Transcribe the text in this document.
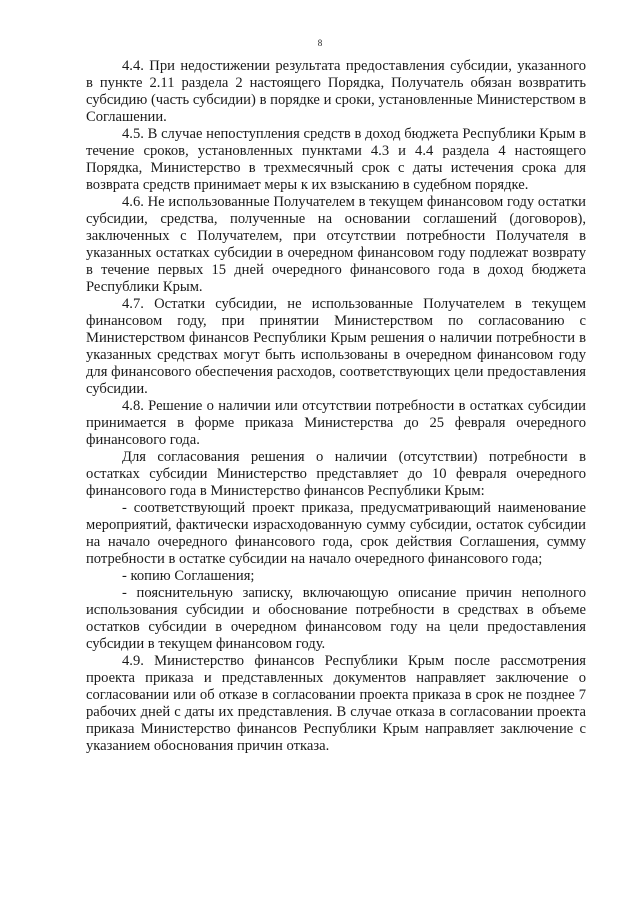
8

4.4. При недостижении результата предоставления субсидии, указанного в пункте 2.11 раздела 2 настоящего Порядка, Получатель обязан возвратить субсидию (часть субсидии) в порядке и сроки, установленные Министерством в Соглашении.

4.5. В случае непоступления средств в доход бюджета Республики Крым в течение сроков, установленных пунктами 4.3 и 4.4 раздела 4 настоящего Порядка, Министерство в трехмесячный срок с даты истечения срока для возврата средств принимает меры к их взысканию в судебном порядке.

4.6. Не использованные Получателем в текущем финансовом году остатки субсидии, средства, полученные на основании соглашений (договоров), заключенных с Получателем, при отсутствии потребности Получателя в указанных остатках субсидии в очередном финансовом году подлежат возврату в течение первых 15 дней очередного финансового года в доход бюджета Республики Крым.

4.7. Остатки субсидии, не использованные Получателем в текущем финансовом году, при принятии Министерством по согласованию с Министерством финансов Республики Крым решения о наличии потребности в указанных средствах могут быть использованы в очередном финансовом году для финансового обеспечения расходов, соответствующих цели предоставления субсидии.

4.8. Решение о наличии или отсутствии потребности в остатках субсидии принимается в форме приказа Министерства до 25 февраля очередного финансового года.

Для согласования решения о наличии (отсутствии) потребности в остатках субсидии Министерство представляет до 10 февраля очередного финансового года в Министерство финансов Республики Крым:

- соответствующий проект приказа, предусматривающий наименование мероприятий, фактически израсходованную сумму субсидии, остаток субсидии на начало очередного финансового года, срок действия Соглашения, сумму потребности в остатке субсидии на начало очередного финансового года;

- копию Соглашения;

- пояснительную записку, включающую описание причин неполного использования субсидии и обоснование потребности в средствах в объеме остатков субсидии в очередном финансовом году на цели предоставления субсидии в текущем финансовом году.

4.9. Министерство финансов Республики Крым после рассмотрения проекта приказа и представленных документов направляет заключение о согласовании или об отказе в согласовании проекта приказа в срок не позднее 7 рабочих дней с даты их представления. В случае отказа в согласовании проекта приказа Министерство финансов Республики Крым направляет заключение с указанием обоснования причин отказа.
